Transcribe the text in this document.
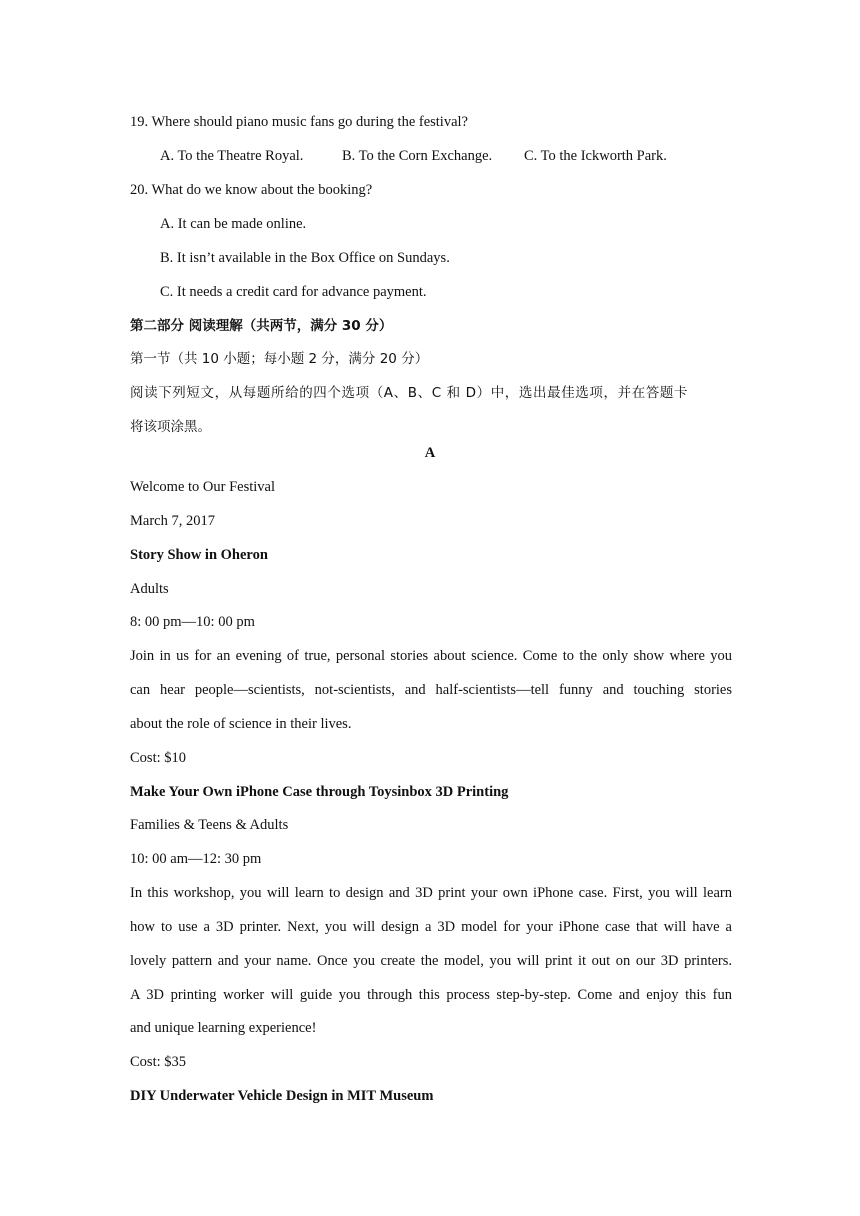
19. Where should piano music fans go during the festival?
A. To the Theatre Royal.	B. To the Corn Exchange. C. To the Ickworth Park.
20. What do we know about the booking?
A. It can be made online.
B. It isn’t available in the Box Office on Sundays.
C. It needs a credit card for advance payment.
第二部分 阅读理解（共两节，满分 30 分）
第一节（共 10 小题；每小题 2 分，满分 20 分）
阅读下列短文，从每题所给的四个选项（A、B、C 和 D）中，选出最佳选项，并在答题卡
将该项涂黑。
A
Welcome to Our Festival
March 7, 2017
Story Show in Oheron
Adults
8: 00 pm—10: 00 pm
Join in us for an evening of true, personal stories about science. Come to the only show where you
can hear people—scientists, not-scientists, and half-scientists—tell funny and touching stories
about the role of science in their lives.
Cost: $10
Make Your Own iPhone Case through Toysinbox 3D Printing
Families & Teens & Adults
10: 00 am—12: 30 pm
In this workshop, you will learn to design and 3D print your own iPhone case. First, you will learn
how to use a 3D printer. Next, you will design a 3D model for your iPhone case that will have a
lovely pattern and your name. Once you create the model, you will print it out on our 3D printers.
A 3D printing worker will guide you through this process step-by-step. Come and enjoy this fun
and unique learning experience!
Cost: $35
DIY Underwater Vehicle Design in MIT Museum
